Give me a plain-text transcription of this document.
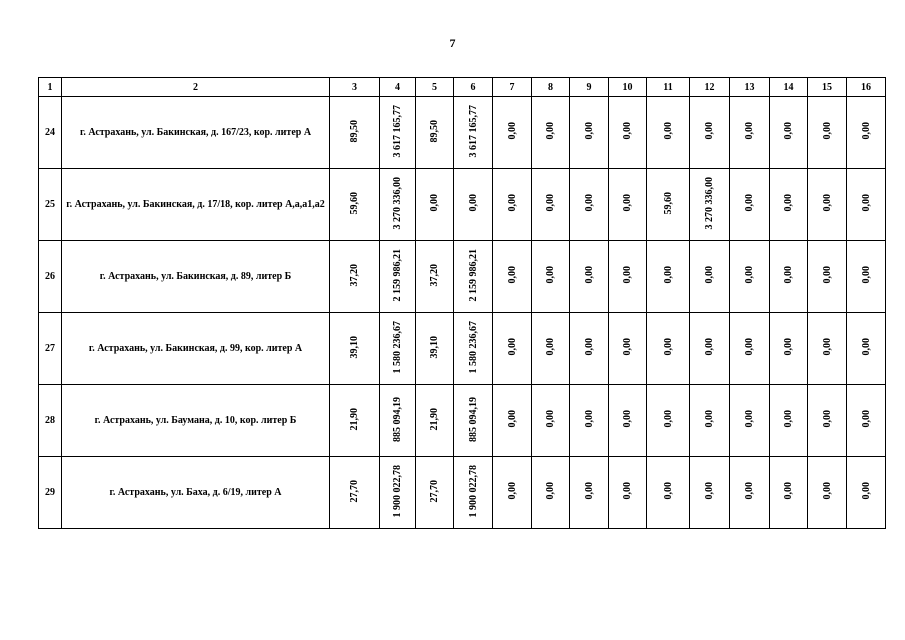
7
1	2	3	4	5	6	7	8	9	10	11	12	13	14	15	16
24	г. Астрахань, ул. Бакинская, д. 167/23, кор. литер А	89,50	3 617 165,77	89,50	3 617 165,77	0,00	0,00	0,00	0,00	0,00	0,00	0,00	0,00	0,00	0,00
25	г. Астрахань, ул. Бакинская, д. 17/18, кор. литер А,а,а1,а2	59,60	3 270 336,00	0,00	0,00	0,00	0,00	0,00	0,00	59,60	3 270 336,00	0,00	0,00	0,00	0,00
26	г. Астрахань, ул. Бакинская, д. 89, литер Б	37,20	2 159 986,21	37,20	2 159 986,21	0,00	0,00	0,00	0,00	0,00	0,00	0,00	0,00	0,00	0,00
27	г. Астрахань, ул. Бакинская, д. 99, кор. литер А	39,10	1 580 236,67	39,10	1 580 236,67	0,00	0,00	0,00	0,00	0,00	0,00	0,00	0,00	0,00	0,00
28	г. Астрахань, ул. Баумана, д. 10, кор. литер Б	21,90	885 094,19	21,90	885 094,19	0,00	0,00	0,00	0,00	0,00	0,00	0,00	0,00	0,00	0,00
29	г. Астрахань, ул. Баха, д. 6/19, литер А	27,70	1 900 022,78	27,70	1 900 022,78	0,00	0,00	0,00	0,00	0,00	0,00	0,00	0,00	0,00	0,00
